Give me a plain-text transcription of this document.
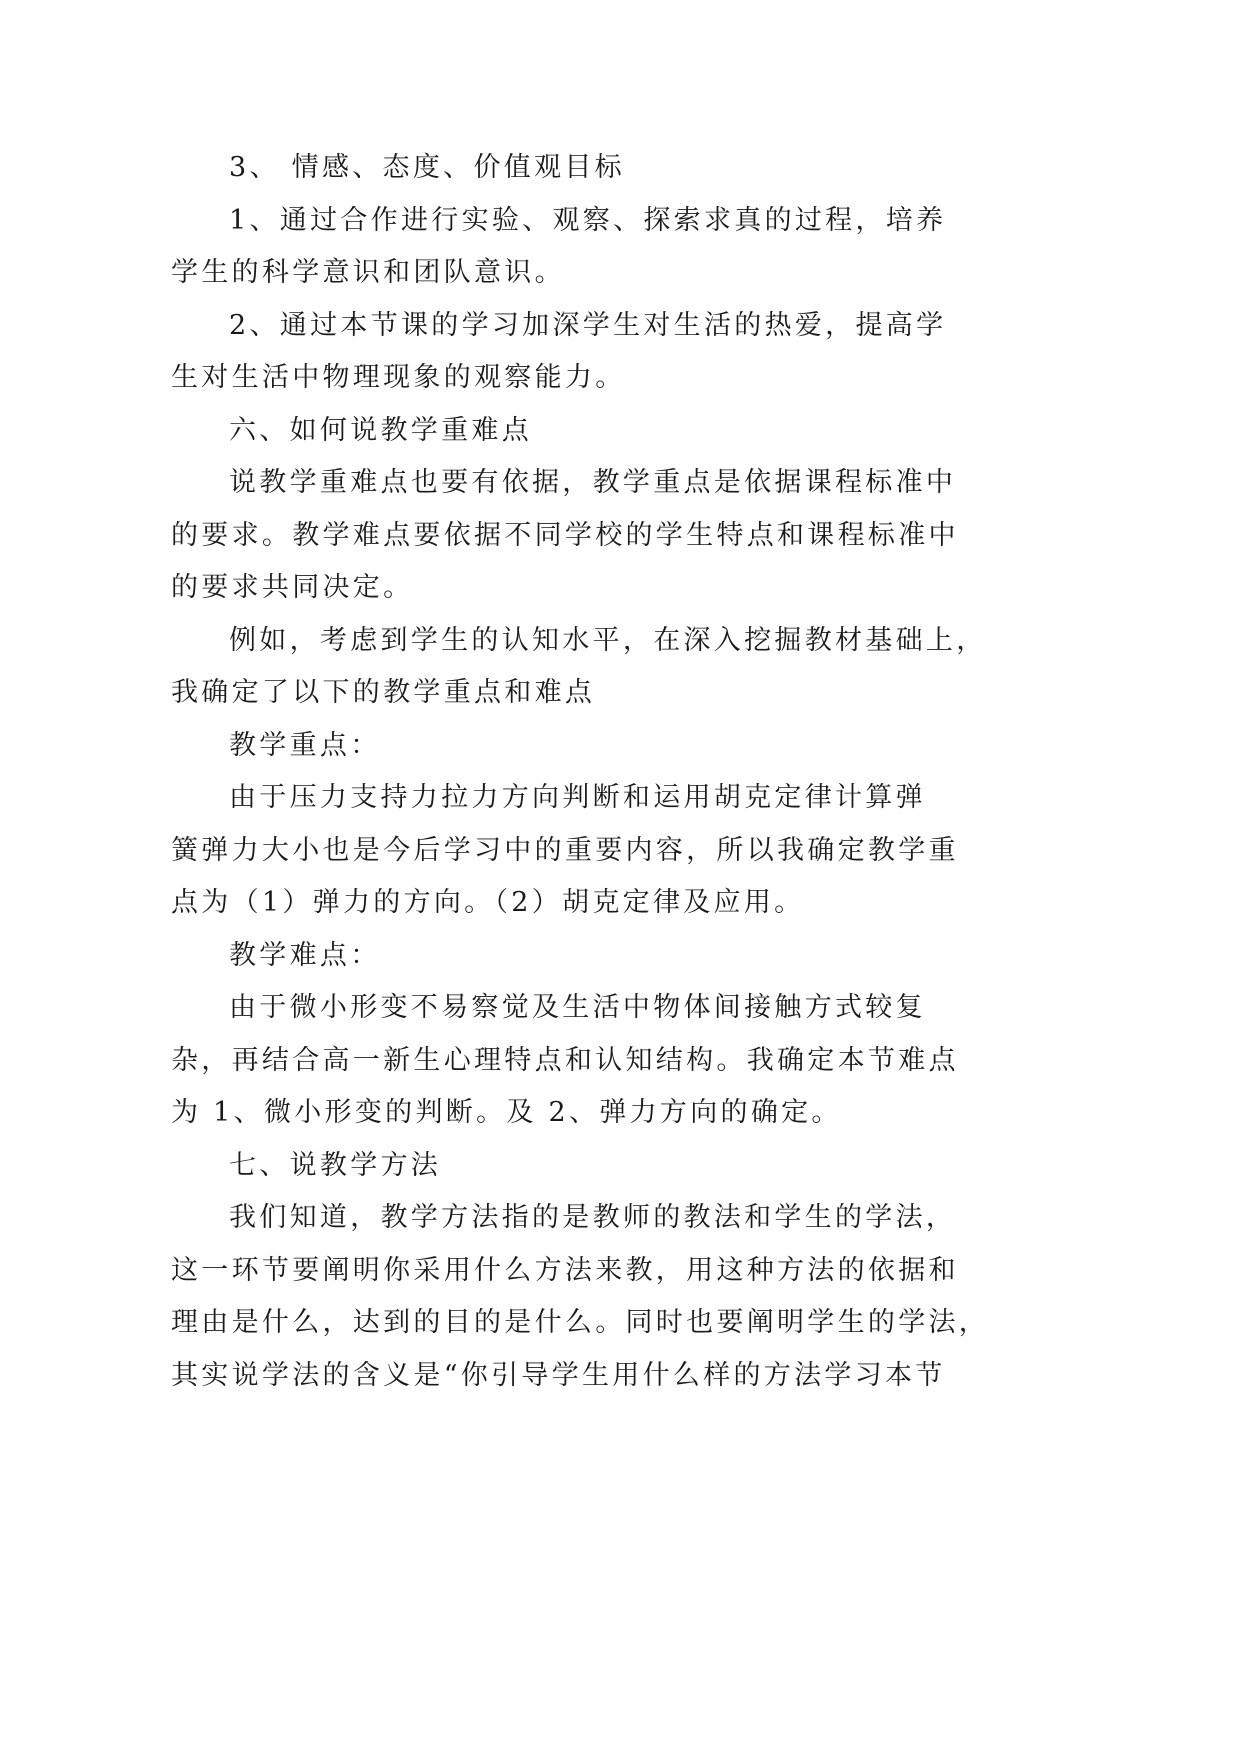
3、 情感、态度、价值观目标
1、通过合作进行实验、观察、探索求真的过程，培养
学生的科学意识和团队意识。
2、通过本节课的学习加深学生对生活的热爱，提高学
生对生活中物理现象的观察能力。
六、如何说教学重难点
说教学重难点也要有依据，教学重点是依据课程标准中
的要求。教学难点要依据不同学校的学生特点和课程标准中
的要求共同决定。
例如，考虑到学生的认知水平，在深入挖掘教材基础上，
我确定了以下的教学重点和难点
教学重点：
由于压力支持力拉力方向判断和运用胡克定律计算弹
簧弹力大小也是今后学习中的重要内容，所以我确定教学重
点为（1）弹力的方向。（2）胡克定律及应用。
教学难点：
由于微小形变不易察觉及生活中物体间接触方式较复
杂，再结合高一新生心理特点和认知结构。我确定本节难点
为 1、微小形变的判断。及 2、弹力方向的确定。
七、说教学方法
我们知道，教学方法指的是教师的教法和学生的学法，
这一环节要阐明你采用什么方法来教，用这种方法的依据和
理由是什么，达到的目的是什么。同时也要阐明学生的学法，
其实说学法的含义是“你引导学生用什么样的方法学习本节
